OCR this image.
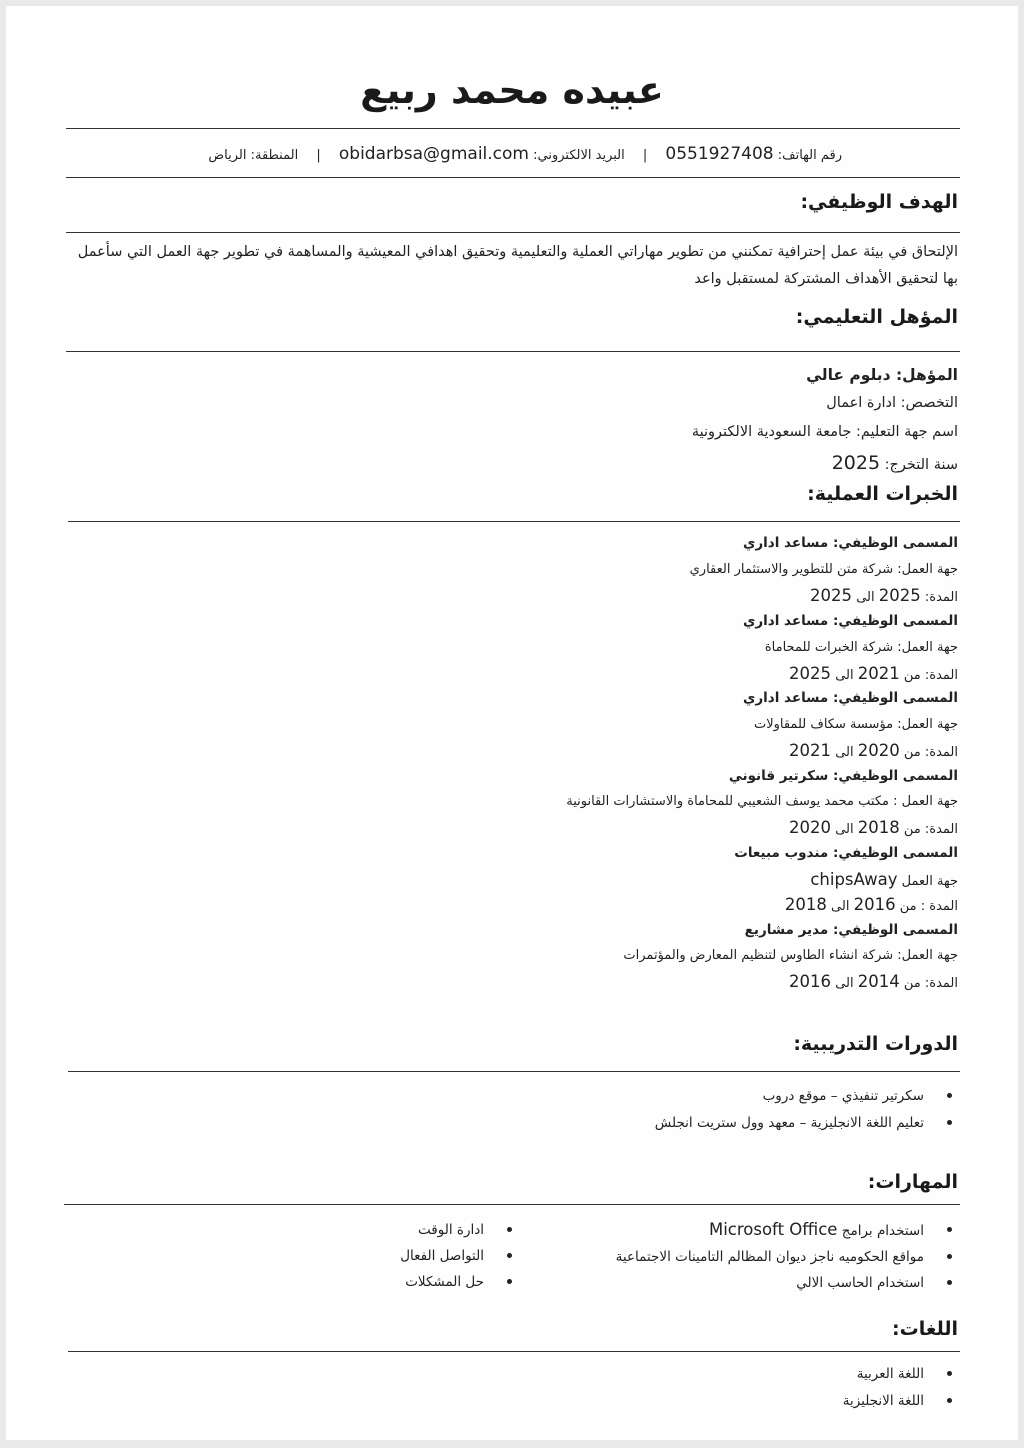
عبيده محمد ربيع
رقم الهاتف: 0551927408 | البريد الالكتروني: obidarbsa@gmail.com | المنطقة: الرياض
الهدف الوظيفي:
الإلتحاق في بيئة عمل إحترافية تمكنني من تطوير مهاراتي العملية والتعليمية وتحقيق اهدافي المعيشية والمساهمة في تطوير جهة العمل التي سأعمل بها لتحقيق الأهداف المشتركة لمستقبل واعد
المؤهل التعليمي:
المؤهل: دبلوم عالي
التخصص: ادارة اعمال
اسم جهة التعليم: جامعة السعودية الالكترونية
سنة التخرج: 2025
الخبرات العملية:
المسمى الوظيفي: مساعد اداري
جهة العمل: شركة متن للتطوير والاستثمار العقاري
المدة: 2025 الى 2025
المسمى الوظيفي: مساعد اداري
جهة العمل: شركة الخبرات للمحاماة
المدة: من 2021 الى 2025
المسمى الوظيفي: مساعد اداري
جهة العمل: مؤسسة سكاف للمقاولات
المدة: من 2020 الى 2021
المسمى الوظيفي: سكرتير قانوني
جهة العمل : مكتب محمد يوسف الشعيبي للمحاماة والاستشارات القانونية
المدة: من 2018 الى 2020
المسمى الوظيفي: مندوب مبيعات
جهة العمل chipsAway
المدة : من 2016 الى 2018
المسمى الوظيفي: مدير مشاريع
جهة العمل: شركة انشاء الطاوس لتنظيم المعارض والمؤتمرات
المدة: من 2014 الى 2016
الدورات التدريبية:
سكرتير تنفيذي – موقع دروب
تعليم اللغة الانجليزية – معهد وول ستريت انجلش
المهارات:
استخدام برامج Microsoft Office
مواقع الحكوميه ناجز ديوان المظالم التامينات الاجتماعية
استخدام الحاسب الالي
ادارة الوقت
التواصل الفعال
حل المشكلات
اللغات:
اللغة العربية
اللغة الانجليزية
